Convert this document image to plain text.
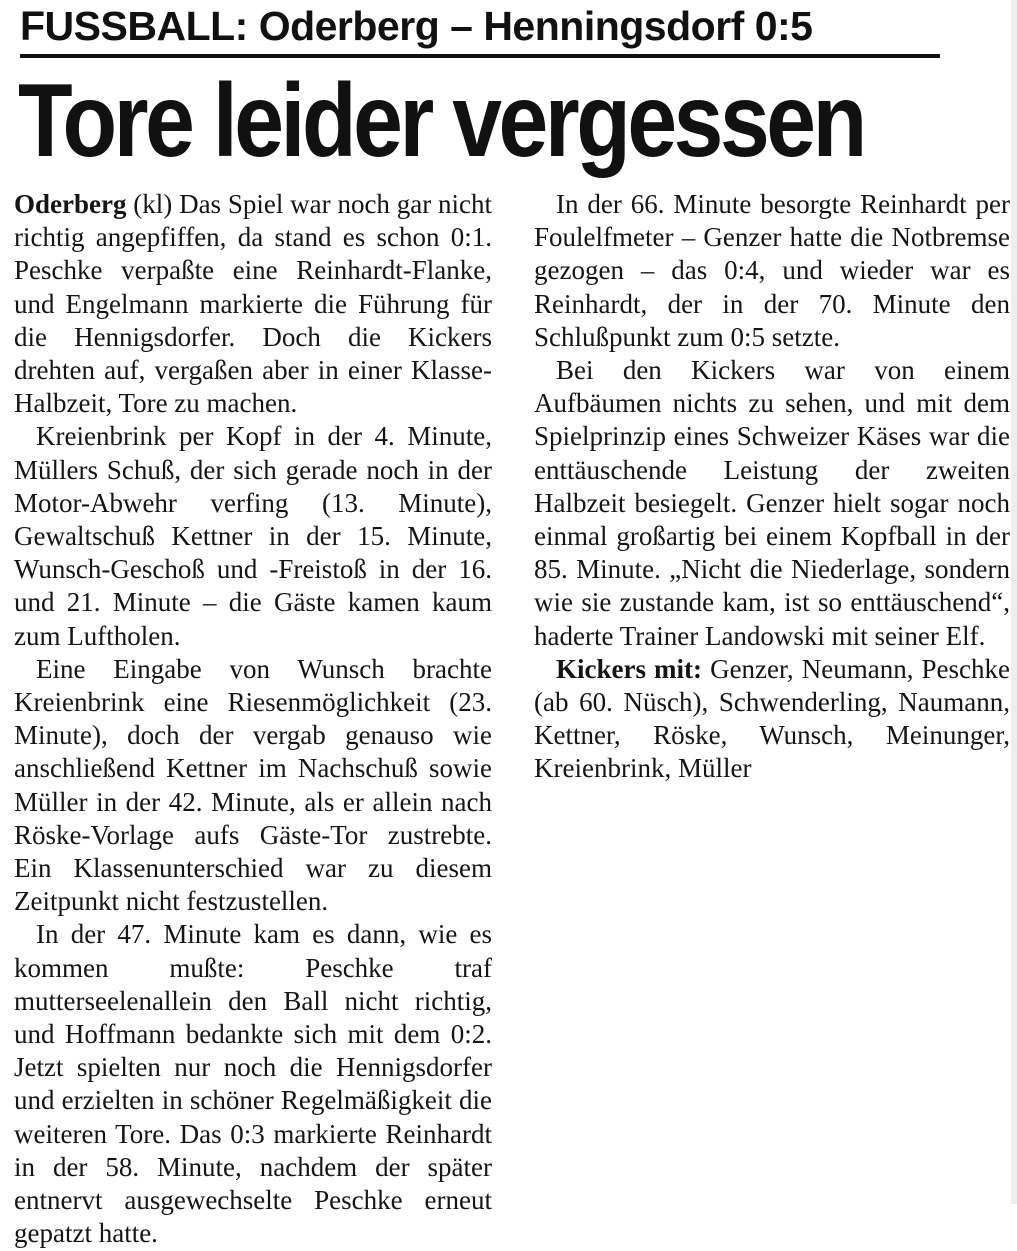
FUSSBALL: Oderberg – Henningsdorf 0:5
Tore leider vergessen

Oderberg (kl) Das Spiel war noch gar nicht richtig angepfiffen, da stand es schon 0:1. Peschke verpaßte eine Reinhardt-Flanke, und Engelmann markierte die Führung für die Hennigsdorfer. Doch die Kickers drehten auf, vergaßen aber in einer Klasse-Halbzeit, Tore zu machen.

Kreienbrink per Kopf in der 4. Minute, Müllers Schuß, der sich gerade noch in der Motor-Abwehr verfing (13. Minute), Gewaltschuß Kettner in der 15. Minute, Wunsch-Geschoß und -Freistoß in der 16. und 21. Minute – die Gäste kamen kaum zum Luftholen.

Eine Eingabe von Wunsch brachte Kreienbrink eine Riesenmöglichkeit (23. Minute), doch der vergab genauso wie anschließend Kettner im Nachschuß sowie Müller in der 42. Minute, als er allein nach Röske-Vorlage aufs Gäste-Tor zustrebte. Ein Klassenunterschied war zu diesem Zeitpunkt nicht festzustellen.

In der 47. Minute kam es dann, wie es kommen mußte: Peschke traf mutterseelenallein den Ball nicht richtig, und Hoffmann bedankte sich mit dem 0:2. Jetzt spielten nur noch die Hennigsdorfer und erzielten in schöner Regelmäßigkeit die weiteren Tore. Das 0:3 markierte Reinhardt in der 58. Minute, nachdem der später entnervt ausgewechselte Peschke erneut gepatzt hatte.

In der 66. Minute besorgte Reinhardt per Foulelfmeter – Genzer hatte die Notbremse gezogen – das 0:4, und wieder war es Reinhardt, der in der 70. Minute den Schlußpunkt zum 0:5 setzte.

Bei den Kickers war von einem Aufbäumen nichts zu sehen, und mit dem Spielprinzip eines Schweizer Käses war die enttäuschende Leistung der zweiten Halbzeit besiegelt. Genzer hielt sogar noch einmal großartig bei einem Kopfball in der 85. Minute. „Nicht die Niederlage, sondern wie sie zustande kam, ist so enttäuschend“, haderte Trainer Landowski mit seiner Elf.

Kickers mit: Genzer, Neumann, Peschke (ab 60. Nüsch), Schwenderling, Naumann, Kettner, Röske, Wunsch, Meinunger, Kreienbrink, Müller
